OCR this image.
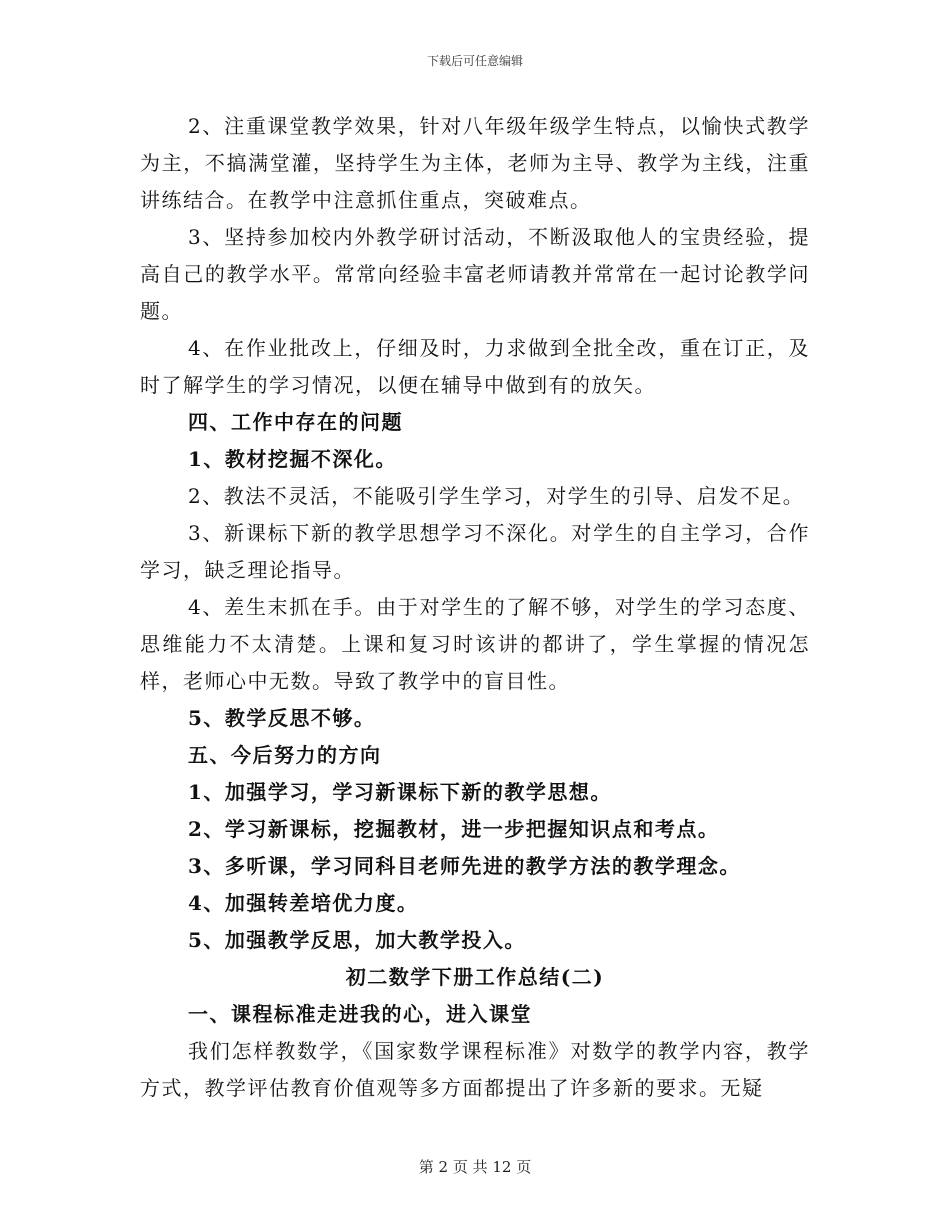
下载后可任意编辑

2、注重课堂教学效果，针对八年级年级学生特点，以愉快式教学为主，不搞满堂灌，坚持学生为主体，老师为主导、教学为主线，注重讲练结合。在教学中注意抓住重点，突破难点。

3、坚持参加校内外教学研讨活动，不断汲取他人的宝贵经验，提高自己的教学水平。常常向经验丰富老师请教并常常在一起讨论教学问题。

4、在作业批改上，仔细及时，力求做到全批全改，重在订正，及时了解学生的学习情况，以便在辅导中做到有的放矢。

四、工作中存在的问题

1、教材挖掘不深化。

2、教法不灵活，不能吸引学生学习，对学生的引导、启发不足。

3、新课标下新的教学思想学习不深化。对学生的自主学习，合作学习，缺乏理论指导。

4、差生末抓在手。由于对学生的了解不够，对学生的学习态度、思维能力不太清楚。上课和复习时该讲的都讲了，学生掌握的情况怎样，老师心中无数。导致了教学中的盲目性。

5、教学反思不够。

五、今后努力的方向

1、加强学习，学习新课标下新的教学思想。

2、学习新课标，挖掘教材，进一步把握知识点和考点。

3、多听课，学习同科目老师先进的教学方法的教学理念。

4、加强转差培优力度。

5、加强教学反思，加大教学投入。

初二数学下册工作总结(二)

一、课程标准走进我的心，进入课堂

我们怎样教数学，《国家数学课程标准》对数学的教学内容，教学方式，教学评估教育价值观等多方面都提出了许多新的要求。无疑

第 2 页 共 12 页
